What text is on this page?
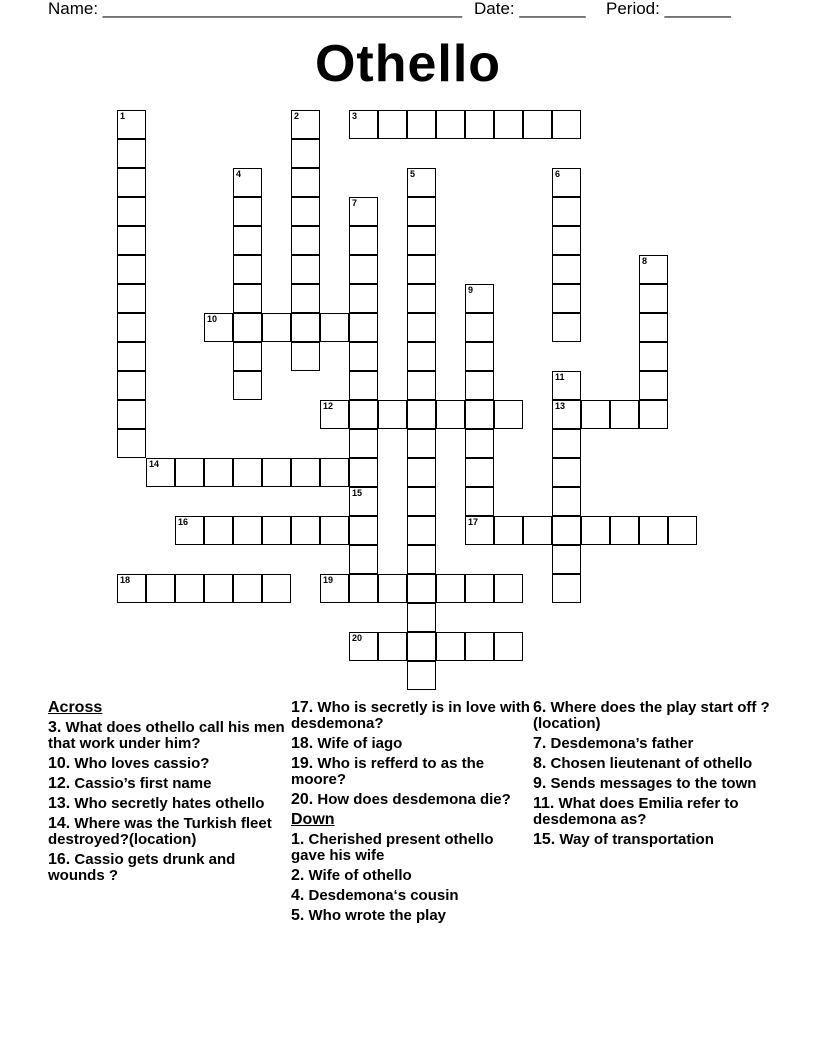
Name: ______________________________________ Date: _______ Period: _______
Othello
1	2	3
4	5	6
7
8
9
10
11
13
12
14
15
16	17
18	19
20
Across
3. What does othello call his men that work under him?
10. Who loves cassio?
12. Cassio’s first name
13. Who secretly hates othello
14. Where was the Turkish fleet destroyed?(location)
16. Cassio gets drunk and wounds ?
17. Who is secretly is in love with desdemona?
18. Wife of iago
19. Who is refferd to as the moore?
20. How does desdemona die?
Down
1. Cherished present othello gave his wife
2. Wife of othello
4. Desdemona‘s cousin
5. Who wrote the play
6. Where does the play start off ?(location)
7. Desdemona’s father
8. Chosen lieutenant of othello
9. Sends messages to the town
11. What does Emilia refer to desdemona as?
15. Way of transportation
